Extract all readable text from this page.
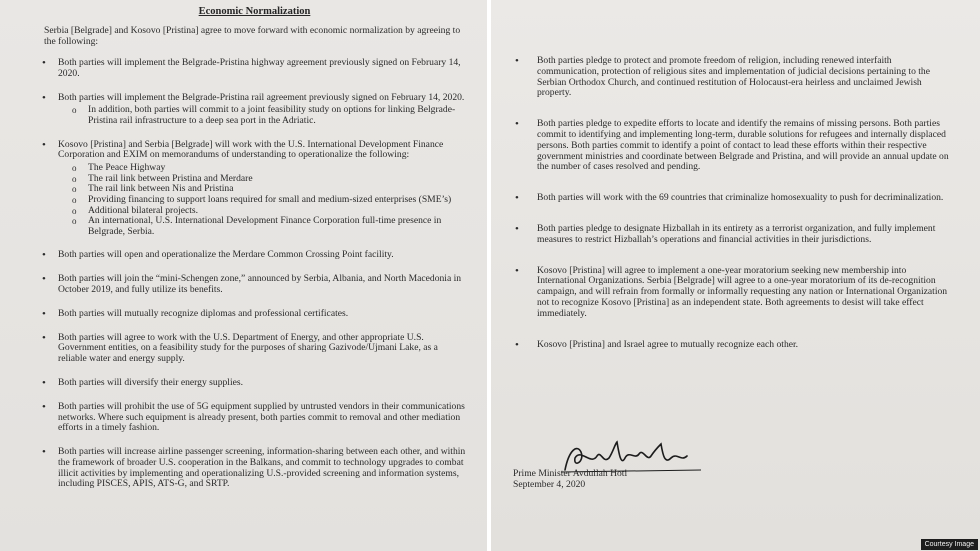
Economic Normalization
Serbia [Belgrade] and Kosovo [Pristina] agree to move forward with economic normalization by agreeing to the following:
• Both parties will implement the Belgrade-Pristina highway agreement previously signed on February 14, 2020.
• Both parties will implement the Belgrade-Pristina rail agreement previously signed on February 14, 2020.
o In addition, both parties will commit to a joint feasibility study on options for linking Belgrade-Pristina rail infrastructure to a deep sea port in the Adriatic.
• Kosovo [Pristina] and Serbia [Belgrade] will work with the U.S. International Development Finance Corporation and EXIM on memorandums of understanding to operationalize the following:
o The Peace Highway
o The rail link between Pristina and Merdare
o The rail link between Nis and Pristina
o Providing financing to support loans required for small and medium-sized enterprises (SME’s)
o Additional bilateral projects.
o An international, U.S. International Development Finance Corporation full-time presence in Belgrade, Serbia.
• Both parties will open and operationalize the Merdare Common Crossing Point facility.
• Both parties will join the “mini-Schengen zone,” announced by Serbia, Albania, and North Macedonia in October 2019, and fully utilize its benefits.
• Both parties will mutually recognize diplomas and professional certificates.
• Both parties will agree to work with the U.S. Department of Energy, and other appropriate U.S. Government entities, on a feasibility study for the purposes of sharing Gazivode/Ujmani Lake, as a reliable water and energy supply.
• Both parties will diversify their energy supplies.
• Both parties will prohibit the use of 5G equipment supplied by untrusted vendors in their communications networks. Where such equipment is already present, both parties commit to removal and other mediation efforts in a timely fashion.
• Both parties will increase airline passenger screening, information-sharing between each other, and within the framework of broader U.S. cooperation in the Balkans, and commit to technology upgrades to combat illicit activities by implementing and operationalizing U.S.-provided screening and information systems, including PISCES, APIS, ATS-G, and SRTP.
• Both parties pledge to protect and promote freedom of religion, including renewed interfaith communication, protection of religious sites and implementation of judicial decisions pertaining to the Serbian Orthodox Church, and continued restitution of Holocaust-era heirless and unclaimed Jewish property.
• Both parties pledge to expedite efforts to locate and identify the remains of missing persons. Both parties commit to identifying and implementing long-term, durable solutions for refugees and internally displaced persons. Both parties commit to identify a point of contact to lead these efforts within their respective government ministries and coordinate between Belgrade and Pristina, and will provide an annual update on the number of cases resolved and pending.
• Both parties will work with the 69 countries that criminalize homosexuality to push for decriminalization.
• Both parties pledge to designate Hizballah in its entirety as a terrorist organization, and fully implement measures to restrict Hizballah’s operations and financial activities in their jurisdictions.
• Kosovo [Pristina] will agree to implement a one-year moratorium seeking new membership into International Organizations. Serbia [Belgrade] will agree to a one-year moratorium of its de-recognition campaign, and will refrain from formally or informally requesting any nation or International Organization not to recognize Kosovo [Pristina] as an independent state. Both agreements to desist will take effect immediately.
• Kosovo [Pristina] and Israel agree to mutually recognize each other.
Prime Minister Avdullah Hoti
September 4, 2020
Courtesy Image
